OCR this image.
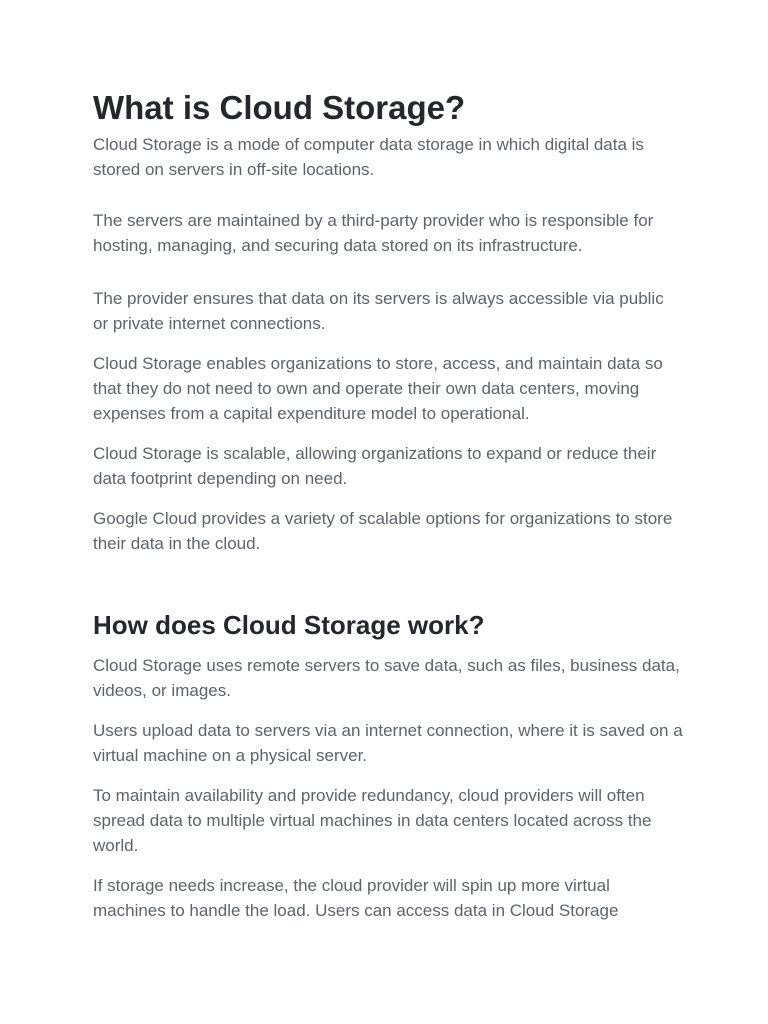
What is Cloud Storage?

Cloud Storage is a mode of computer data storage in which digital data is stored on servers in off-site locations.

The servers are maintained by a third-party provider who is responsible for hosting, managing, and securing data stored on its infrastructure.

The provider ensures that data on its servers is always accessible via public or private internet connections.

Cloud Storage enables organizations to store, access, and maintain data so that they do not need to own and operate their own data centers, moving expenses from a capital expenditure model to operational.

Cloud Storage is scalable, allowing organizations to expand or reduce their data footprint depending on need.

Google Cloud provides a variety of scalable options for organizations to store their data in the cloud.

How does Cloud Storage work?

Cloud Storage uses remote servers to save data, such as files, business data, videos, or images.

Users upload data to servers via an internet connection, where it is saved on a virtual machine on a physical server.

To maintain availability and provide redundancy, cloud providers will often spread data to multiple virtual machines in data centers located across the world.

If storage needs increase, the cloud provider will spin up more virtual machines to handle the load. Users can access data in Cloud Storage
